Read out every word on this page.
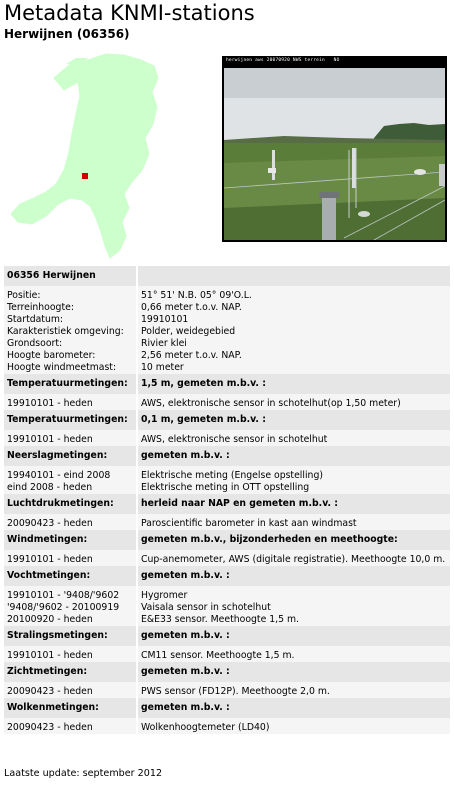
Metadata KNMI-stations
Herwijnen (06356)
herwijnen aws 20070920 NWS terrein NO
06356 Herwijnen	
Positie:	51° 51' N.B. 05° 09'O.L.
Terreinhoogte:	0,66 meter t.o.v. NAP.
Startdatum:	19910101
Karakteristiek omgeving:	Polder, weidegebied
Grondsoort:	Rivier klei
Hoogte barometer:	2,56 meter t.o.v. NAP.
Hoogte windmeetmast:	10 meter
Temperatuurmetingen:	1,5 m, gemeten m.b.v. :
19910101 - heden	AWS, elektronische sensor in schotelhut(op 1,50 meter)
Temperatuurmetingen:	0,1 m, gemeten m.b.v. :
19910101 - heden	AWS, elektronische sensor in schotelhut
Neerslagmetingen:	gemeten m.b.v. :
19940101 - eind 2008	Elektrische meting (Engelse opstelling)
eind 2008 - heden	Elektrische meting in OTT opstelling
Luchtdrukmetingen:	herleid naar NAP en gemeten m.b.v. :
20090423 - heden	Paroscientific barometer in kast aan windmast
Windmetingen:	gemeten m.b.v., bijzonderheden en meethoogte:
19910101 - heden	Cup-anemometer, AWS (digitale registratie). Meethoogte 10,0 m.
Vochtmetingen:	gemeten m.b.v. :
19910101 - '9408/'9602	Hygromer
'9408/'9602 - 20100919	Vaisala sensor in schotelhut
20100920 - heden	E&E33 sensor. Meethoogte 1,5 m.
Stralingsmetingen:	gemeten m.b.v. :
19910101 - heden	CM11 sensor. Meethoogte 1,5 m.
Zichtmetingen:	gemeten m.b.v. :
20090423 - heden	PWS sensor (FD12P). Meethoogte 2,0 m.
Wolkenmetingen:	gemeten m.b.v. :
20090423 - heden	Wolkenhoogtemeter (LD40)
Laatste update: september 2012
